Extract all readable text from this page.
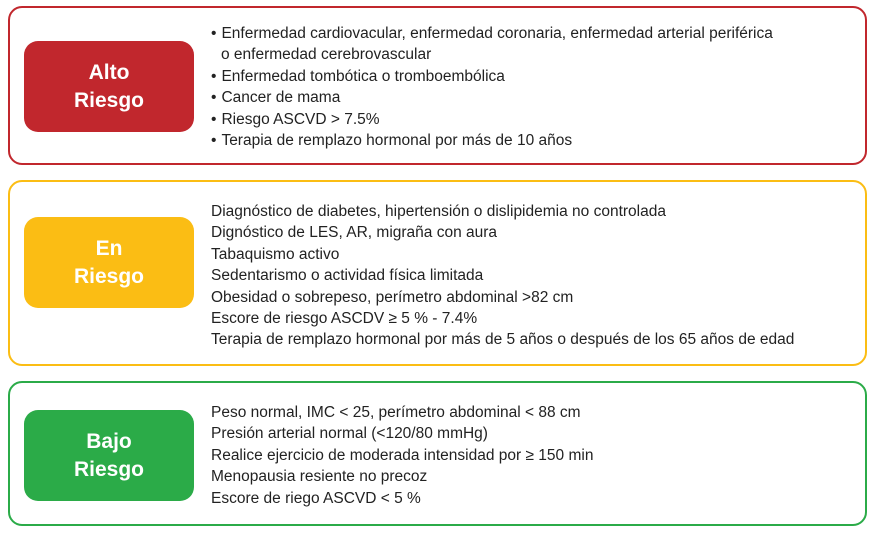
Alto
Riesgo
• Enfermedad cardiovacular, enfermedad coronaria, enfermedad arterial periférica
o enfermedad cerebrovascular
• Enfermedad tombótica o tromboembólica
• Cancer de mama
• Riesgo ASCVD > 7.5%
• Terapia de remplazo hormonal por más de 10 años
En
Riesgo
Diagnóstico de diabetes, hipertensión o dislipidemia no controlada
Dignóstico de LES, AR, migraña con aura
Tabaquismo activo
Sedentarismo o actividad física limitada
Obesidad o sobrepeso, perímetro abdominal >82 cm
Escore de riesgo ASCDV ≥ 5 % - 7.4%
Terapia de remplazo hormonal por más de 5 años o después de los 65 años de edad
Bajo
Riesgo
Peso normal, IMC < 25, perímetro abdominal < 88 cm
Presión arterial normal (<120/80 mmHg)
Realice ejercicio de moderada intensidad por ≥ 150 min
Menopausia resiente no precoz
Escore de riego ASCVD < 5 %
